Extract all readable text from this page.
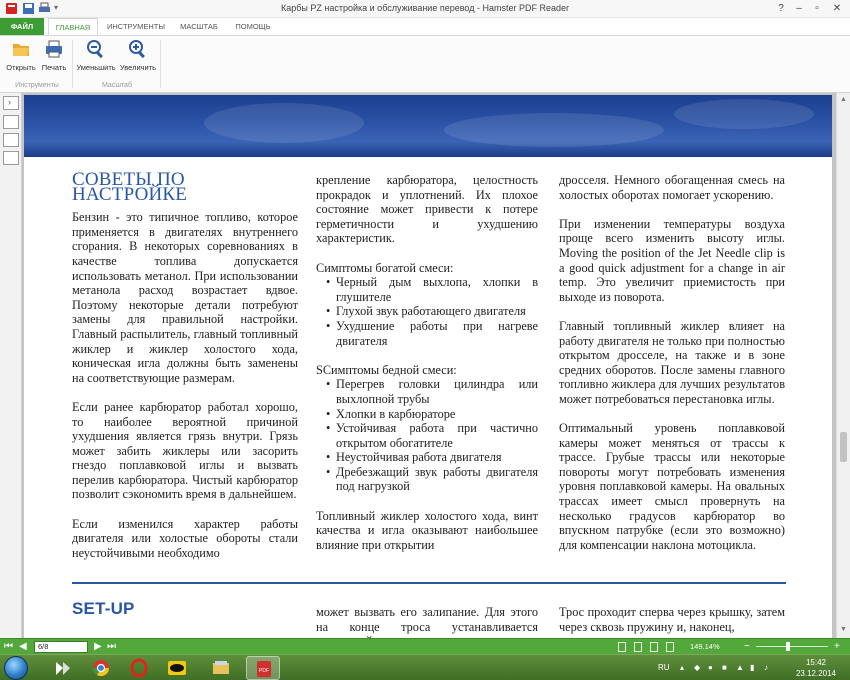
▾	Карбы PZ настройка и обслуживание перевод - Hamster PDF Reader	?	–	▫	✕
ФАЙЛ	ГЛАВНАЯ	ИНСТРУМЕНТЫ	МАСШТАБ	ПОМОЩЬ
Открыть Печать	Уменьшить Увеличить
Инструменты	Масштаб
›
СОВЕТЫ ПО НАСТРОЙКЕ

Бензин - это типичное топливо, которое применяется в двигателях внутреннего сгорания. В некоторых соревнованиях в качестве топлива допускается использовать метанол. При использовании метанола расход возрастает вдвое. Поэтому некоторые детали потребуют замены для правильной настройки. Главный распылитель, главный топливный жиклер и жиклер холостого хода, коническая игла должны быть заменены на соответствующие размерам.

Если ранее карбюратор работал хорошо, то наиболее вероятной причиной ухудшения является грязь внутри. Грязь может забить жиклеры или засорить гнездо поплавковой иглы и вызвать перелив карбюратора. Чистый карбюратор позволит сэкономить время в дальнейшем.

Если изменился характер работы двигателя или холостые обороты стали неустойчивыми необходимо

крепление карбюратора, целостность прокрадок и уплотнений. Их плохое состояние может привести к потере герметичности и ухудшению характеристик.

Симптомы богатой смеси:

• Черный дым выхлопа, хлопки в глушителе
• Глухой звук работающего двигателя
• Ухудшение работы при нагреве двигателя

SCимптомы бедной смеси:

• Перегрев головки цилиндра или выхлопной трубы
• Хлопки в карбюраторе
• Устойчивая работа при частично открытом обогатителе
• Неустойчивая работа двигателя
• Дребезжащий звук работы двигателя под нагрузкой

Топливный жиклер холостого хода, винт качества и игла оказывают наибольшее влияние при открытии

дросселя. Немного обогащенная смесь на холостых оборотах помогает ускорению.

При изменении температуры воздуха проще всего изменить высоту иглы. Moving the position of the Jet Needle clip is a good quick adjustment for a change in air temp. Это увеличит приемистость при выходе из поворота.

Главный топливный жиклер влияет на работу двигателя не только при полностью открытом дросселе, на также и в зоне средних оборотов. После замены главного топливно жиклера для лучших результатов может потребоваться перестановка иглы.

Оптимальный уровень поплавковой камеры может меняться от трассы к трассе. Грубые трассы или некоторые повороты могут потребовать изменения уровня поплавковой камеры. На овальных трассах имеет смысл провернуть на несколько градусов карбюратор во впускном патрубке (если это возможно) для компенсации наклона мотоцикла.

SET-UP	может вызвать его залипание. Для этого на конце троса устанавливается

Трос проходит сперва через крышку, затем через сквозь пружину и, наконец,

▲
▼
⏮ ◀	6/8	▶ ⏭	149.14% −	+
PDF	RU ▴ ◆ ● ■ ▲ ▮ ♪
15:42
23.12.2014
